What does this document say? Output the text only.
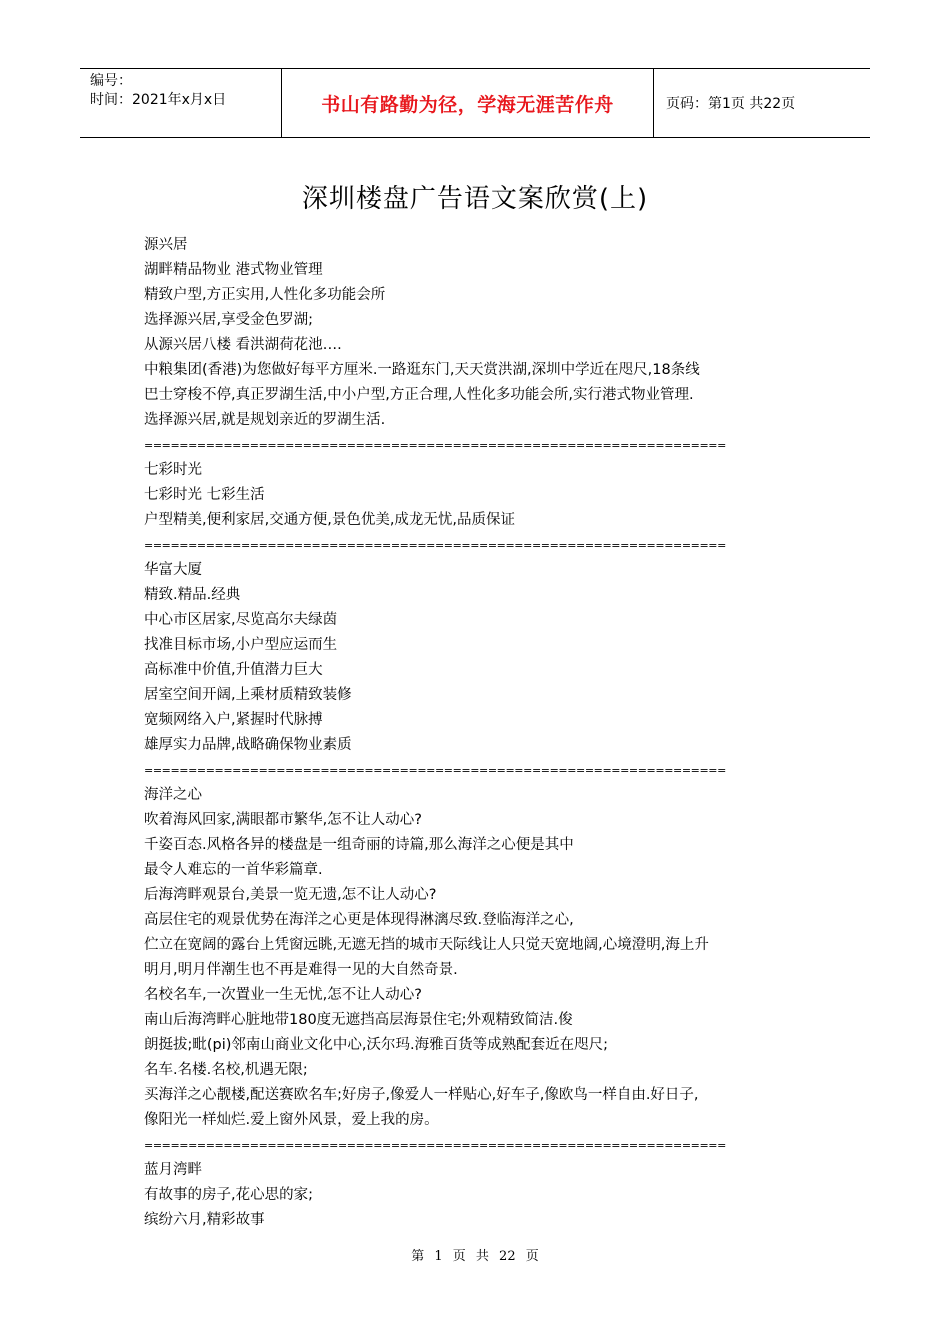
编号：
时间：2021年x月x日	书山有路勤为径，学海无涯苦作舟	页码：第1页 共22页
深圳楼盘广告语文案欣赏(上)
源兴居
湖畔精品物业 港式物业管理
精致户型,方正实用,人性化多功能会所
选择源兴居,享受金色罗湖;
从源兴居八楼 看洪湖荷花池….
中粮集团(香港)为您做好每平方厘米.一路逛东门,天天赏洪湖,深圳中学近在咫尺,18条线
巴士穿梭不停,真正罗湖生活,中小户型,方正合理,人性化多功能会所,实行港式物业管理.
选择源兴居,就是规划亲近的罗湖生活.
==================================================================
七彩时光
七彩时光 七彩生活
户型精美,便利家居,交通方便,景色优美,成龙无忧,品质保证
==================================================================
华富大厦
精致.精品.经典
中心市区居家,尽览高尔夫绿茵
找准目标市场,小户型应运而生
高标准中价值,升值潜力巨大
居室空间开阔,上乘材质精致装修
宽频网络入户,紧握时代脉搏
雄厚实力品牌,战略确保物业素质
==================================================================
海洋之心
吹着海风回家,满眼都市繁华,怎不让人动心?
千姿百态.风格各异的楼盘是一组奇丽的诗篇,那么海洋之心便是其中
最令人难忘的一首华彩篇章.
后海湾畔观景台,美景一览无遗,怎不让人动心?
高层住宅的观景优势在海洋之心更是体现得淋漓尽致.登临海洋之心,
伫立在宽阔的露台上凭窗远眺,无遮无挡的城市天际线让人只觉天宽地阔,心境澄明,海上升
明月,明月伴潮生也不再是难得一见的大自然奇景.
名校名车,一次置业一生无忧,怎不让人动心?
南山后海湾畔心脏地带180度无遮挡高层海景住宅;外观精致简洁.俊
朗挺拔;毗(pi)邻南山商业文化中心,沃尔玛.海雅百货等成熟配套近在咫尺;
名车.名楼.名校,机遇无限;
买海洋之心靓楼,配送赛欧名车;好房子,像爱人一样贴心,好车子,像欧鸟一样自由.好日子,
像阳光一样灿烂.爱上窗外风景，爱上我的房。
==================================================================
蓝月湾畔
有故事的房子,花心思的家;
缤纷六月,精彩故事
第 1 页 共 22 页
